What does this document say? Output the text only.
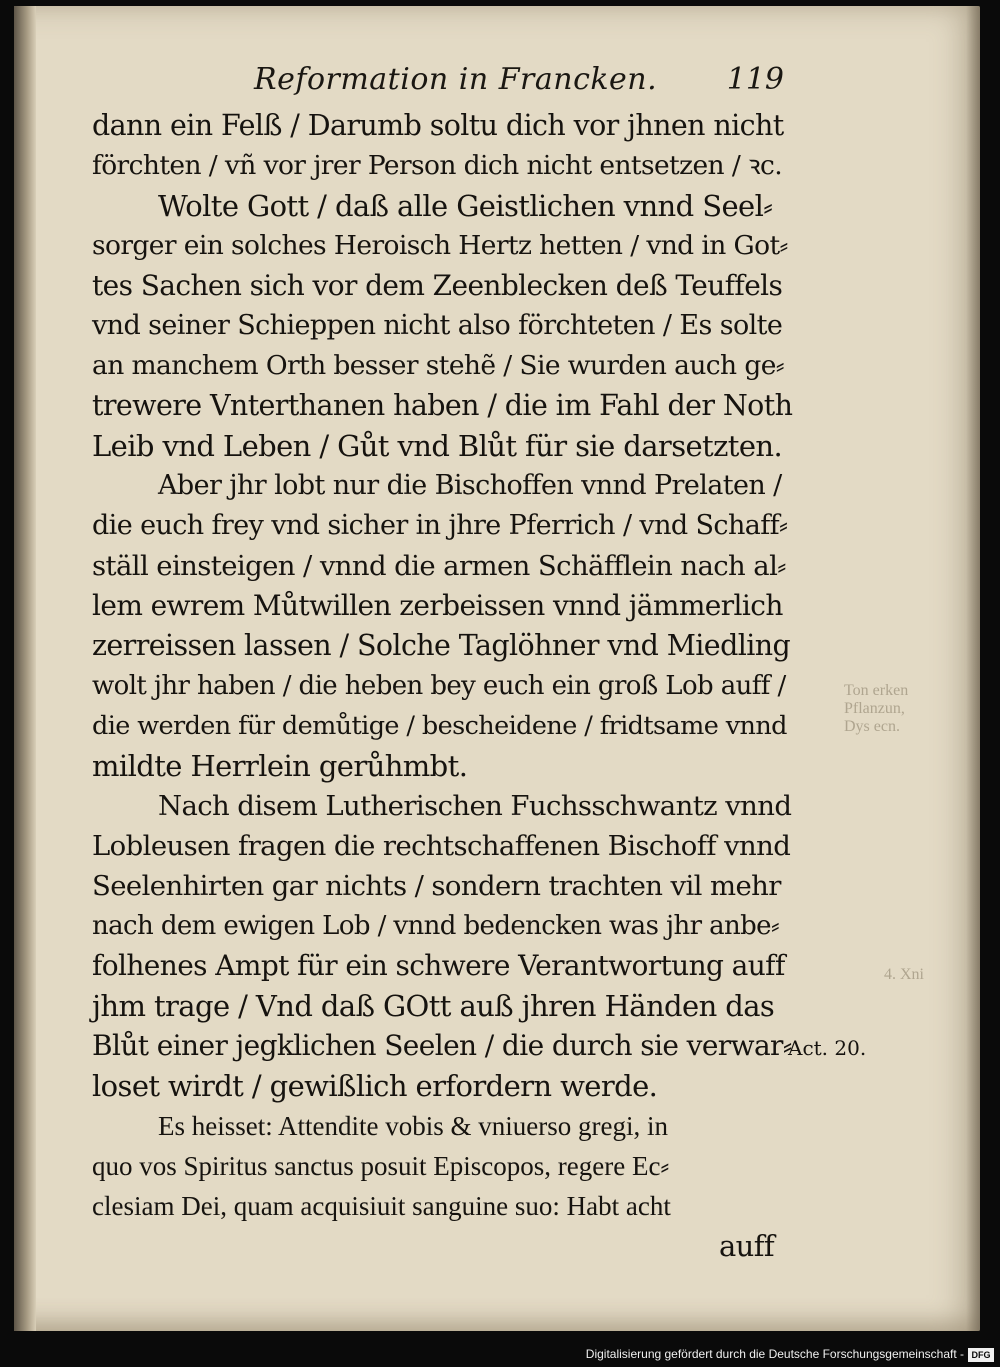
Reformation in Francken. 119
dann ein Felß / Darumb soltu dich vor jhnen nicht
förchten / vñ vor jrer Person dich nicht entsetzen / ꝛc.
Wolte Gott / daß alle Geistlichen vnnd Seel⸗
sorger ein solches Heroisch Hertz hetten / vnd in Got⸗
tes Sachen sich vor dem Zeenblecken deß Teuffels
vnd seiner Schieppen nicht also förchteten / Es solte
an manchem Orth besser stehẽ / Sie wurden auch ge⸗
trewere Vnterthanen haben / die im Fahl der Noth
Leib vnd Leben / Gůt vnd Blůt für sie darsetzten.
Aber jhr lobt nur die Bischoffen vnnd Prelaten /
die euch frey vnd sicher in jhre Pferrich / vnd Schaff⸗
ställ einsteigen / vnnd die armen Schäfflein nach al⸗
lem ewrem Můtwillen zerbeissen vnnd jämmerlich
zerreissen lassen / Solche Taglöhner vnd Miedling
wolt jhr haben / die heben bey euch ein groß Lob auff /
die werden für demůtige / bescheidene / fridtsame vnnd
mildte Herrlein gerůhmbt.
Nach disem Lutherischen Fuchsschwantz vnnd
Lobleusen fragen die rechtschaffenen Bischoff vnnd
Seelenhirten gar nichts / sondern trachten vil mehr
nach dem ewigen Lob / vnnd bedencken was jhr anbe⸗
folhenes Ampt für ein schwere Verantwortung auff
jhm trage / Vnd daß GOtt auß jhren Händen das
Blůt einer jegklichen Seelen / die durch sie verwar⸗
loset wirdt / gewißlich erfordern werde.
Es heisset: Attendite vobis & vniuerso gregi, in
quo vos Spiritus sanctus posuit Episcopos, regere Ec⸗
clesiam Dei, quam acquisiuit sanguine suo: Habt acht
auff
Ton erken Pflanzun, Dys ecn.
4. Xni
Act. 20.
Digitalisierung gefördert durch die Deutsche Forschungsgemeinschaft - DFG
